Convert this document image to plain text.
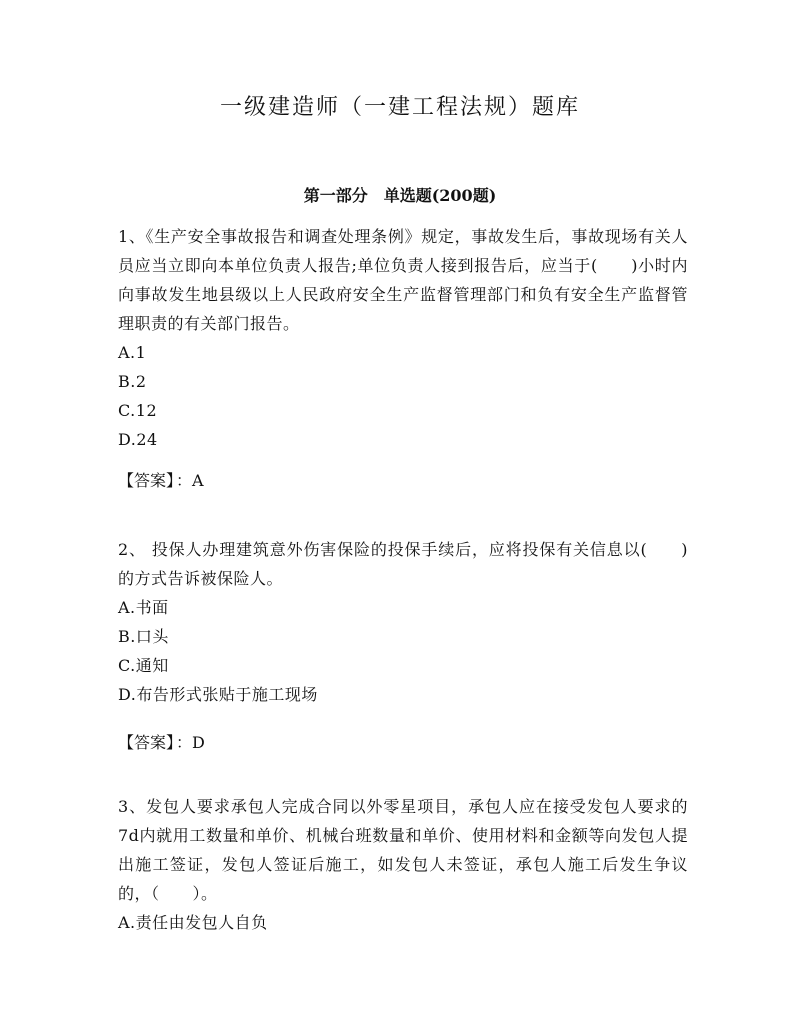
一级建造师（一建工程法规）题库
第一部分　单选题(200题)

1、《生产安全事故报告和调查处理条例》规定，事故发生后，事故现场有关人员应当立即向本单位负责人报告;单位负责人接到报告后，应当于(　　)小时内向事故发生地县级以上人民政府安全生产监督管理部门和负有安全生产监督管理职责的有关部门报告。

A.1

B.2

C.12

D.24

【答案】 ：A

2、 投保人办理建筑意外伤害保险的投保手续后，应将投保有关信息以(　　)的方式告诉被保险人。

A.书面

B.口头

C.通知

D.布告形式张贴于施工现场

【答案】 ：D

3、发包人要求承包人完成合同以外零星项目，承包人应在接受发包人要求的7d内就用工数量和单价、机械台班数量和单价、使用材料和金额等向发包人提出施工签证，发包人签证后施工，如发包人未签证，承包人施工后发生争议的，（　　）。

A.责任由发包人自负
